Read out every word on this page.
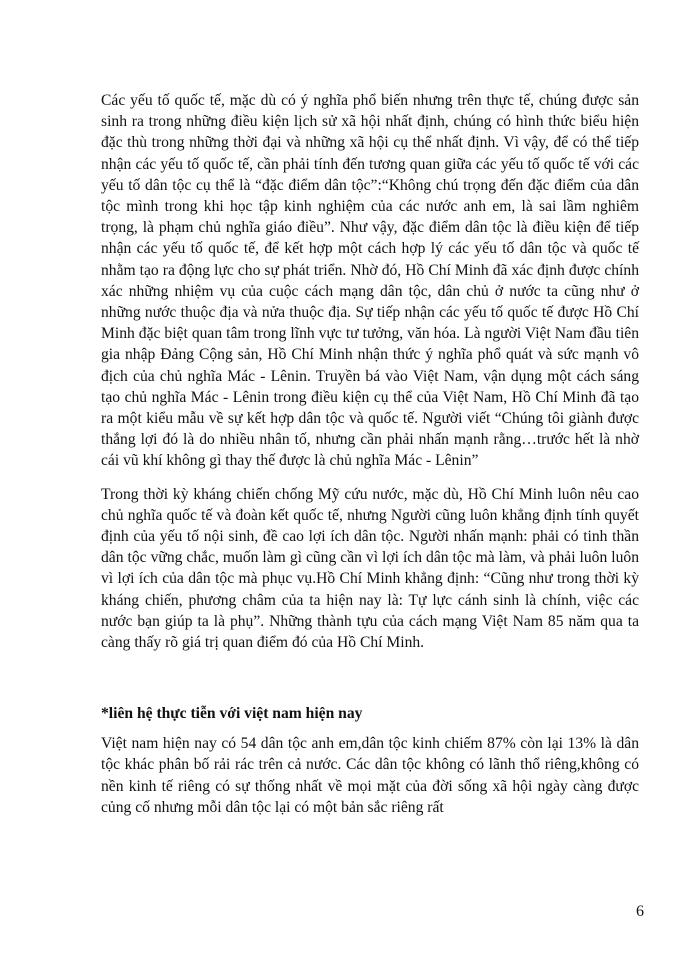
Các yếu tố quốc tế, mặc dù có ý nghĩa phổ biến nhưng trên thực tế, chúng được sản sinh ra trong những điều kiện lịch sử xã hội nhất định, chúng có hình thức biểu hiện đặc thù trong những thời đại và những xã hội cụ thể nhất định. Vì vậy, để có thể tiếp nhận các yếu tố quốc tế, cần phải tính đến tương quan giữa các yếu tố quốc tế với các yếu tố dân tộc cụ thể là “đặc điểm dân tộc”:“Không chú trọng đến đặc điểm của dân tộc mình trong khi học tập kinh nghiệm của các nước anh em, là sai lầm nghiêm trọng, là phạm chủ nghĩa giáo điều”. Như vậy, đặc điểm dân tộc là điều kiện để tiếp nhận các yếu tố quốc tế, để kết hợp một cách hợp lý các yếu tố dân tộc và quốc tế nhằm tạo ra động lực cho sự phát triển. Nhờ đó, Hồ Chí Minh đã xác định được chính xác những nhiệm vụ của cuộc cách mạng dân tộc, dân chủ ở nước ta cũng như ở những nước thuộc địa và nửa thuộc địa. Sự tiếp nhận các yếu tố quốc tế được Hồ Chí Minh đặc biệt quan tâm trong lĩnh vực tư tưởng, văn hóa. Là người Việt Nam đầu tiên gia nhập Đảng Cộng sản, Hồ Chí Minh nhận thức ý nghĩa phổ quát và sức mạnh vô địch của chủ nghĩa Mác - Lênin. Truyền bá vào Việt Nam, vận dụng một cách sáng tạo chủ nghĩa Mác - Lênin trong điều kiện cụ thể của Việt Nam, Hồ Chí Minh đã tạo ra một kiểu mẫu về sự kết hợp dân tộc và quốc tế. Người viết “Chúng tôi giành được thắng lợi đó là do nhiều nhân tố, nhưng cần phải nhấn mạnh rằng…trước hết là nhờ cái vũ khí không gì thay thế được là chủ nghĩa Mác - Lênin”

Trong thời kỳ kháng chiến chống Mỹ cứu nước, mặc dù, Hồ Chí Minh luôn nêu cao chủ nghĩa quốc tế và đoàn kết quốc tế, nhưng Người cũng luôn khẳng định tính quyết định của yếu tố nội sinh, đề cao lợi ích dân tộc. Người nhấn mạnh: phải có tinh thần dân tộc vững chắc, muốn làm gì cũng cần vì lợi ích dân tộc mà làm, và phải luôn luôn vì lợi ích của dân tộc mà phục vụ.Hồ Chí Minh khẳng định: “Cũng như trong thời kỳ kháng chiến, phương châm của ta hiện nay là: Tự lực cánh sinh là chính, việc các nước bạn giúp ta là phụ”. Những thành tựu của cách mạng Việt Nam 85 năm qua ta càng thấy rõ giá trị quan điểm đó của Hồ Chí Minh.

*liên hệ thực tiễn với việt nam hiện nay

Việt nam hiện nay có 54 dân tộc anh em,dân tộc kinh chiếm 87% còn lại 13% là dân tộc khác phân bố rải rác trên cả nước. Các dân tộc không có lãnh thổ riêng,không có nền kinh tế riêng có sự thống nhất về mọi mặt của đời sống xã hội ngày càng được củng cố nhưng mỗi dân tộc lại có một bản sắc riêng rất

6
